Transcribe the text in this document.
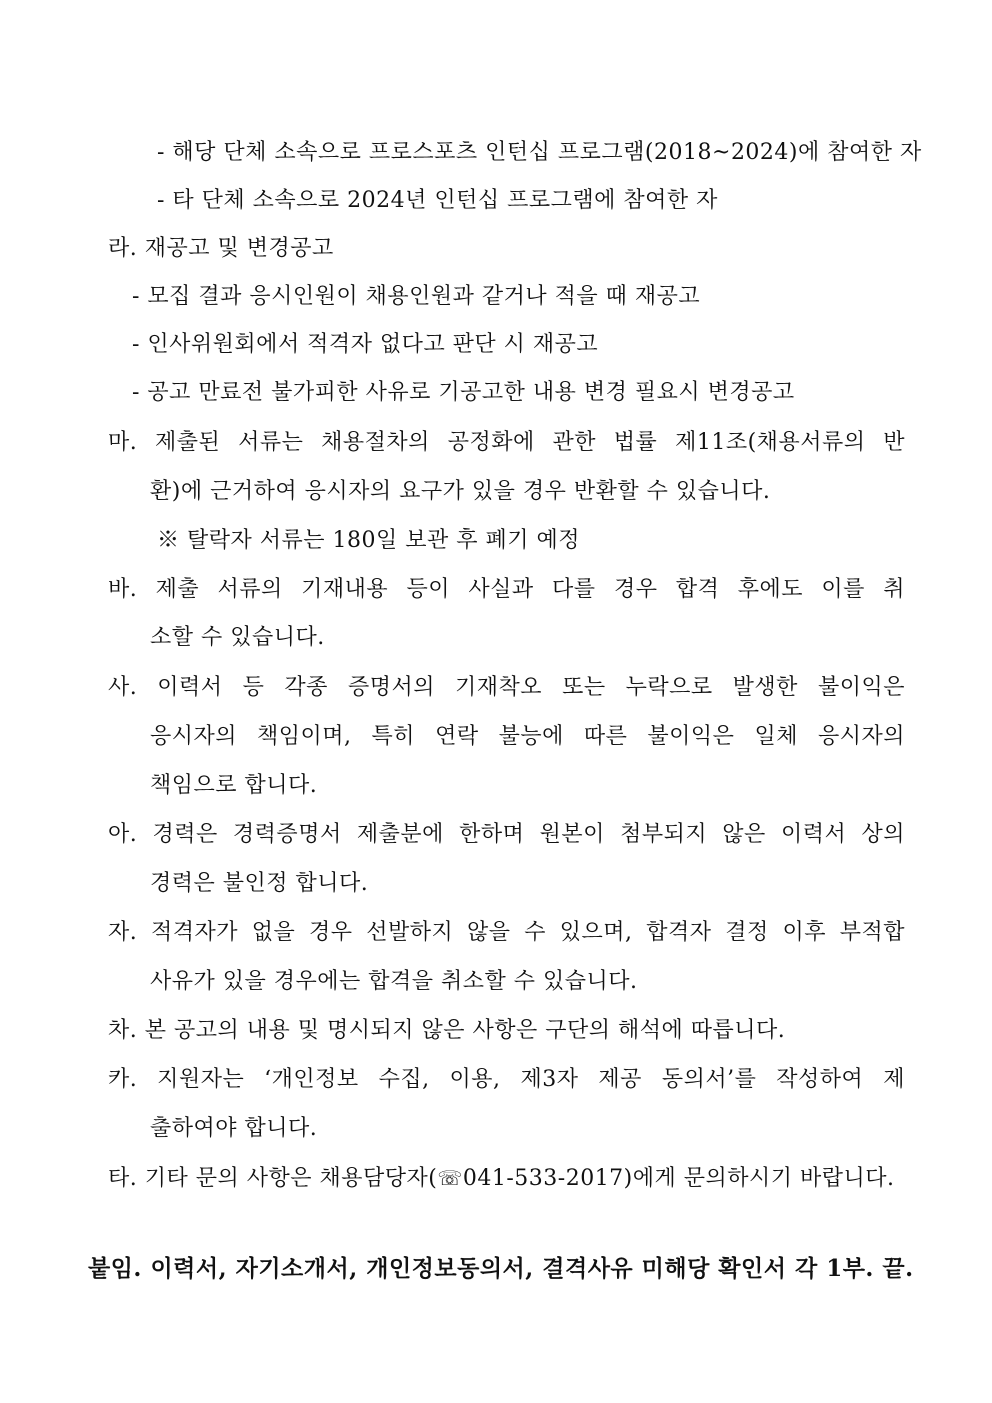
- 해당 단체 소속으로 프로스포츠 인턴십 프로그램(2018~2024)에 참여한 자
- 타 단체 소속으로 2024년 인턴십 프로그램에 참여한 자
라. 재공고 및 변경공고
- 모집 결과 응시인원이 채용인원과 같거나 적을 때 재공고
- 인사위원회에서 적격자 없다고 판단 시 재공고
- 공고 만료전 불가피한 사유로 기공고한 내용 변경 필요시 변경공고
마. 제출된 서류는 채용절차의 공정화에 관한 법률 제11조(채용서류의 반
환)에 근거하여 응시자의 요구가 있을 경우 반환할 수 있습니다.
※ 탈락자 서류는 180일 보관 후 폐기 예정
바. 제출 서류의 기재내용 등이 사실과 다를 경우 합격 후에도 이를 취
소할 수 있습니다.
사. 이력서 등 각종 증명서의 기재착오 또는 누락으로 발생한 불이익은
응시자의 책임이며, 특히 연락 불능에 따른 불이익은 일체 응시자의
책임으로 합니다.
아. 경력은 경력증명서 제출분에 한하며 원본이 첨부되지 않은 이력서 상의
경력은 불인정 합니다.
자. 적격자가 없을 경우 선발하지 않을 수 있으며, 합격자 결정 이후 부적합
사유가 있을 경우에는 합격을 취소할 수 있습니다.
차. 본 공고의 내용 및 명시되지 않은 사항은 구단의 해석에 따릅니다.
카. 지원자는 ‘개인정보 수집, 이용, 제3자 제공 동의서’를 작성하여 제
출하여야 합니다.
타. 기타 문의 사항은 채용담당자(☏041-533-2017)에게 문의하시기 바랍니다.
붙임. 이력서, 자기소개서, 개인정보동의서, 결격사유 미해당 확인서 각 1부. 끝.
